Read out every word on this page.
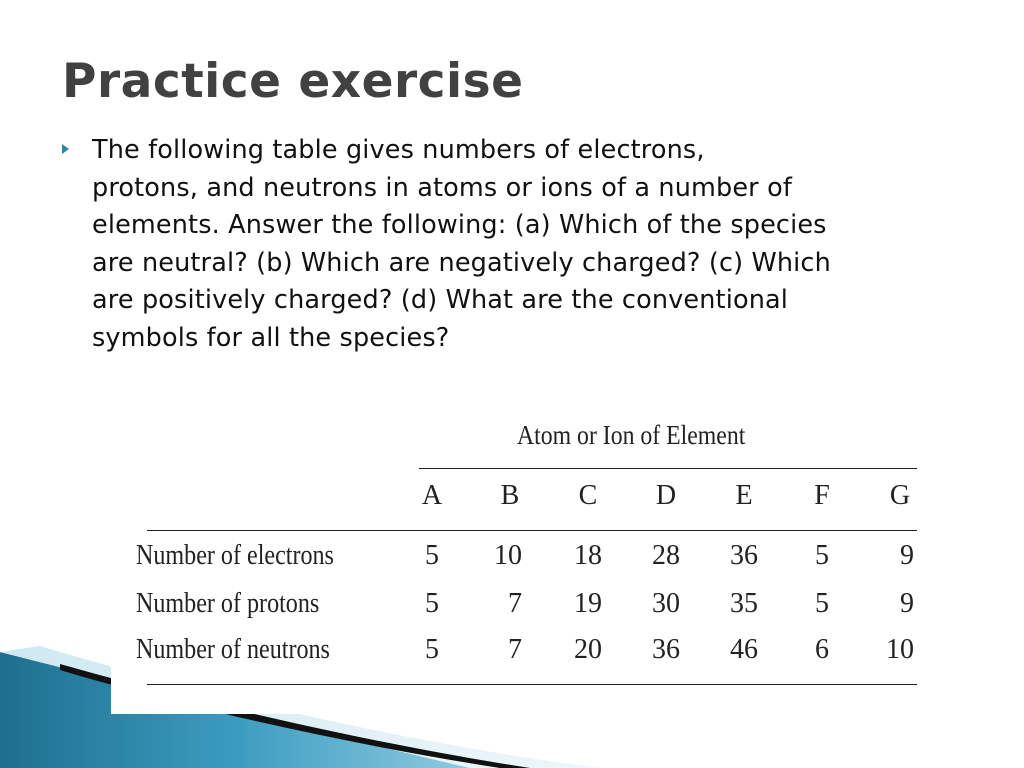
Practice exercise

The following table gives numbers of electrons,
protons, and neutrons in atoms or ions of a number of
elements. Answer the following: (a) Which of the species
are neutral? (b) Which are negatively charged? (c) Which
are positively charged? (d) What are the conventional
symbols for all the species?

Atom or Ion of Element
A	B	C	D	E	F	G
Number of electrons	5	10	18	28	36	5	9
Number of protons	5	7	19	30	35	5	9
Number of neutrons	5	7	20	36	46	6	10
